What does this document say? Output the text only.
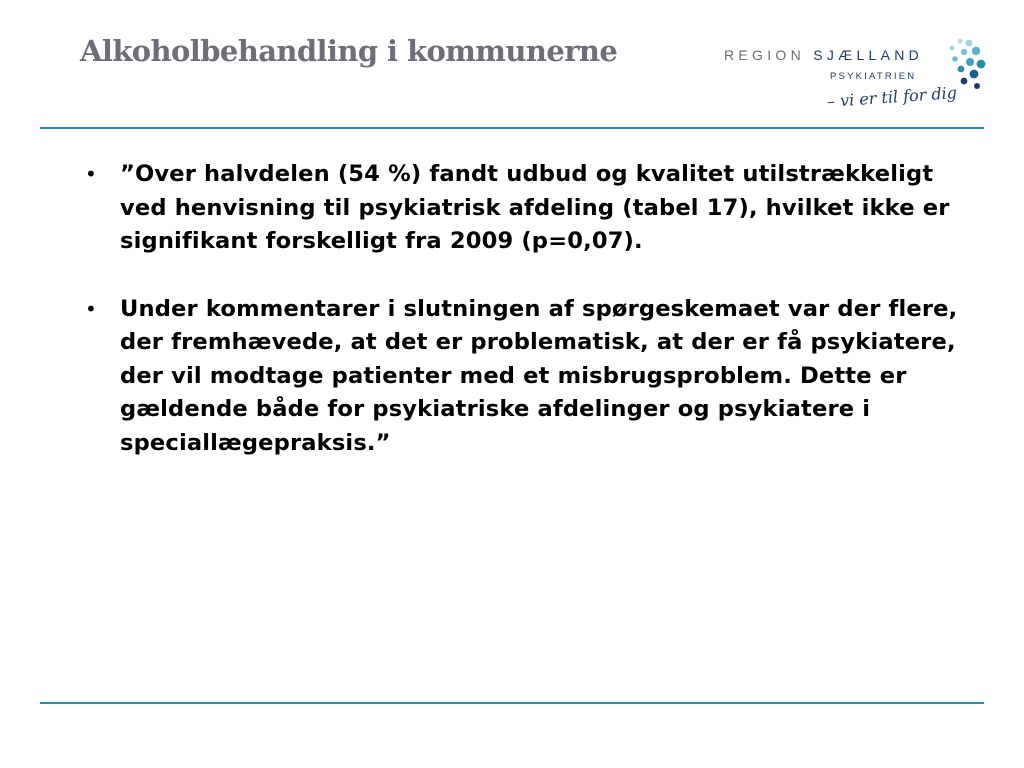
Alkoholbehandling i kommunerne	REGION SJÆLLAND
PSYKIATRIEN
– vi er til for dig
• ”Over halvdelen (54 %) fandt udbud og kvalitet utilstrækkeligt ved henvisning til psykiatrisk afdeling (tabel 17), hvilket ikke er signifikant forskelligt fra 2009 (p=0,07).
• Under kommentarer i slutningen af spørgeskemaet var der flere, der fremhævede, at det er problematisk, at der er få psykiatere, der vil modtage patienter med et misbrugsproblem. Dette er gældende både for psykiatriske afdelinger og psykiatere i speciallægepraksis.”
